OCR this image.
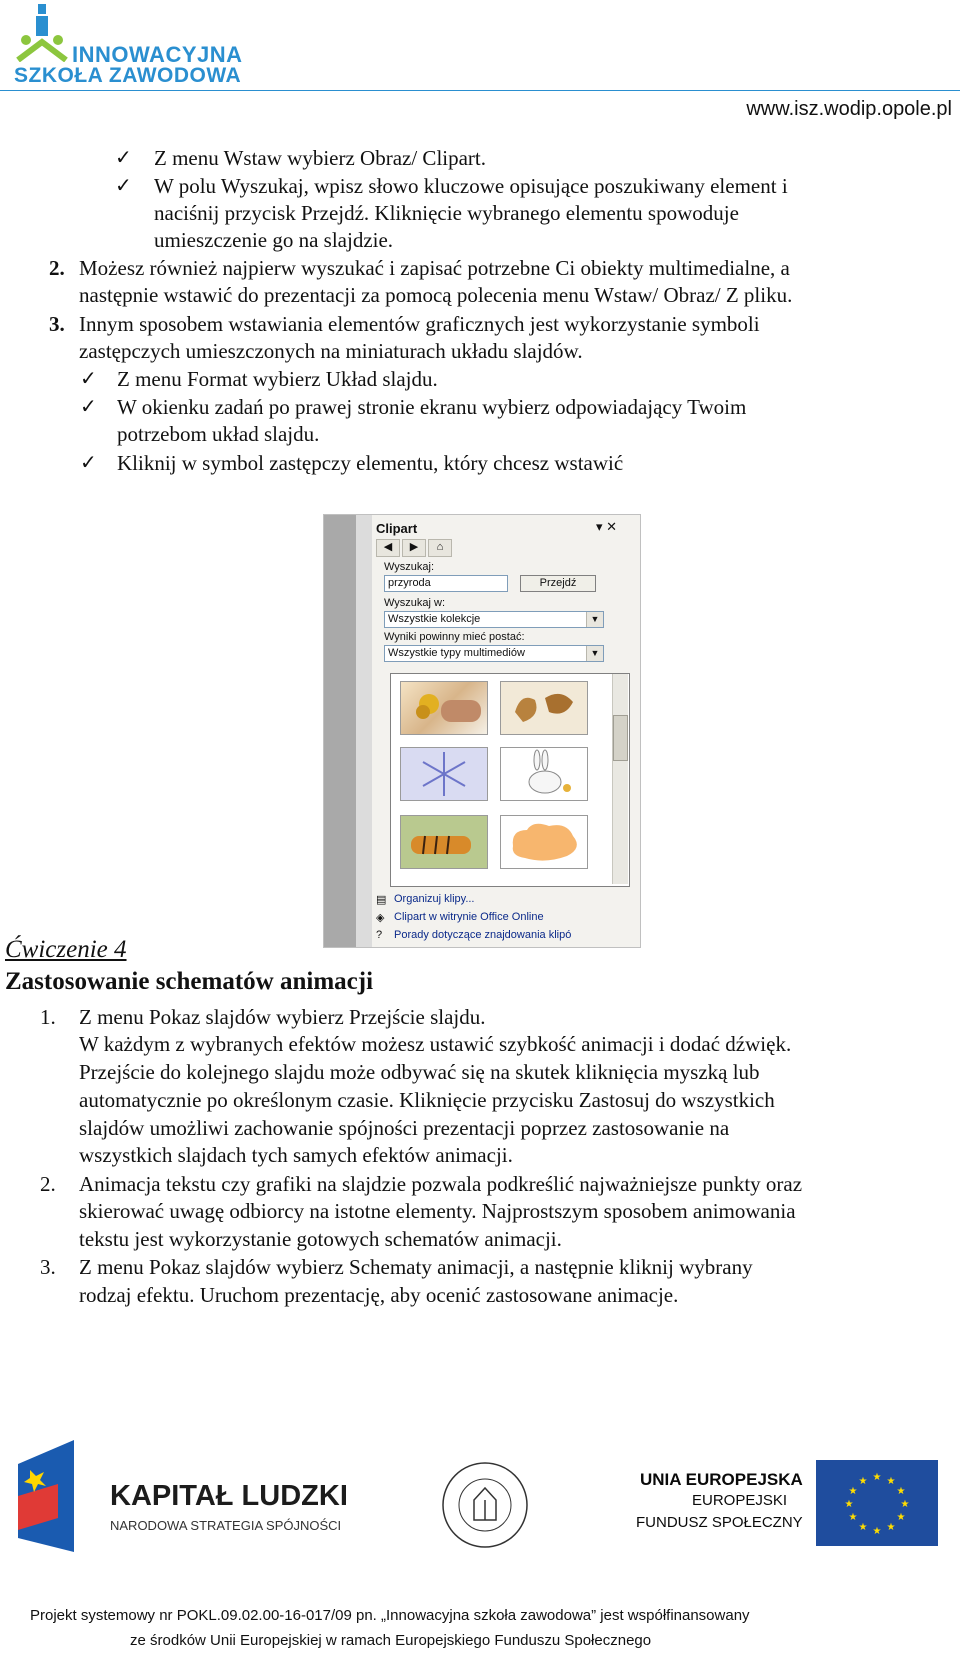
INNOWACYJNA
SZKOŁA ZAWODOWA
www.isz.wodip.opole.pl
✓ Z menu Wstaw wybierz Obraz/ Clipart.
✓ W polu Wyszukaj, wpisz słowo kluczowe opisujące poszukiwany element i
naciśnij przycisk Przejdź. Kliknięcie wybranego elementu spowoduje
umieszczenie go na slajdzie.
2. Możesz również najpierw wyszukać i zapisać potrzebne Ci obiekty multimedialne, a
następnie wstawić do prezentacji za pomocą polecenia menu Wstaw/ Obraz/ Z pliku.
3. Innym sposobem wstawiania elementów graficznych jest wykorzystanie symboli
zastępczych umieszczonych na miniaturach układu slajdów.
✓ Z menu Format wybierz Układ slajdu.
✓ W okienku zadań po prawej stronie ekranu wybierz odpowiadający Twoim
potrzebom układ slajdu.
✓ Kliknij w symbol zastępczy elementu, który chcesz wstawić
Clipart	▾ ✕
◀	▶	⌂
Wyszukaj:
przyroda	Przejdź
Wyszukaj w:
Wszystkie kolekcje	▼
Wyniki powinny mieć postać:
Wszystkie typy multimediów	▼
▤ Organizuj klipy...
◈ Clipart w witrynie Office Online
? Porady dotyczące znajdowania klipó
Ćwiczenie 4
Zastosowanie schematów animacji
1. Z menu Pokaz slajdów wybierz Przejście slajdu.
W każdym z wybranych efektów możesz ustawić szybkość animacji i dodać dźwięk.
Przejście do kolejnego slajdu może odbywać się na skutek kliknięcia myszką lub
automatycznie po określonym czasie. Kliknięcie przycisku Zastosuj do wszystkich
slajdów umożliwi zachowanie spójności prezentacji poprzez zastosowanie na
wszystkich slajdach tych samych efektów animacji.
2. Animacja tekstu czy grafiki na slajdzie pozwala podkreślić najważniejsze punkty oraz
skierować uwagę odbiorcy na istotne elementy. Najprostszym sposobem animowania
tekstu jest wykorzystanie gotowych schematów animacji.
3. Z menu Pokaz slajdów wybierz Schematy animacji, a następnie kliknij wybrany
rodzaj efektu. Uruchom prezentację, aby ocenić zastosowane animacje.
KAPITAŁ LUDZKI
NARODOWA STRATEGIA SPÓJNOŚCI
UNIA EUROPEJSKA
EUROPEJSKI
FUNDUSZ SPOŁECZNY
★ ★
★
★
★
★
★
★
★
★
★
★
Projekt systemowy nr POKL.09.02.00-16-017/09 pn. „Innowacyjna szkoła zawodowa” jest współfinansowany
ze środków Unii Europejskiej w ramach Europejskiego Funduszu Społecznego
